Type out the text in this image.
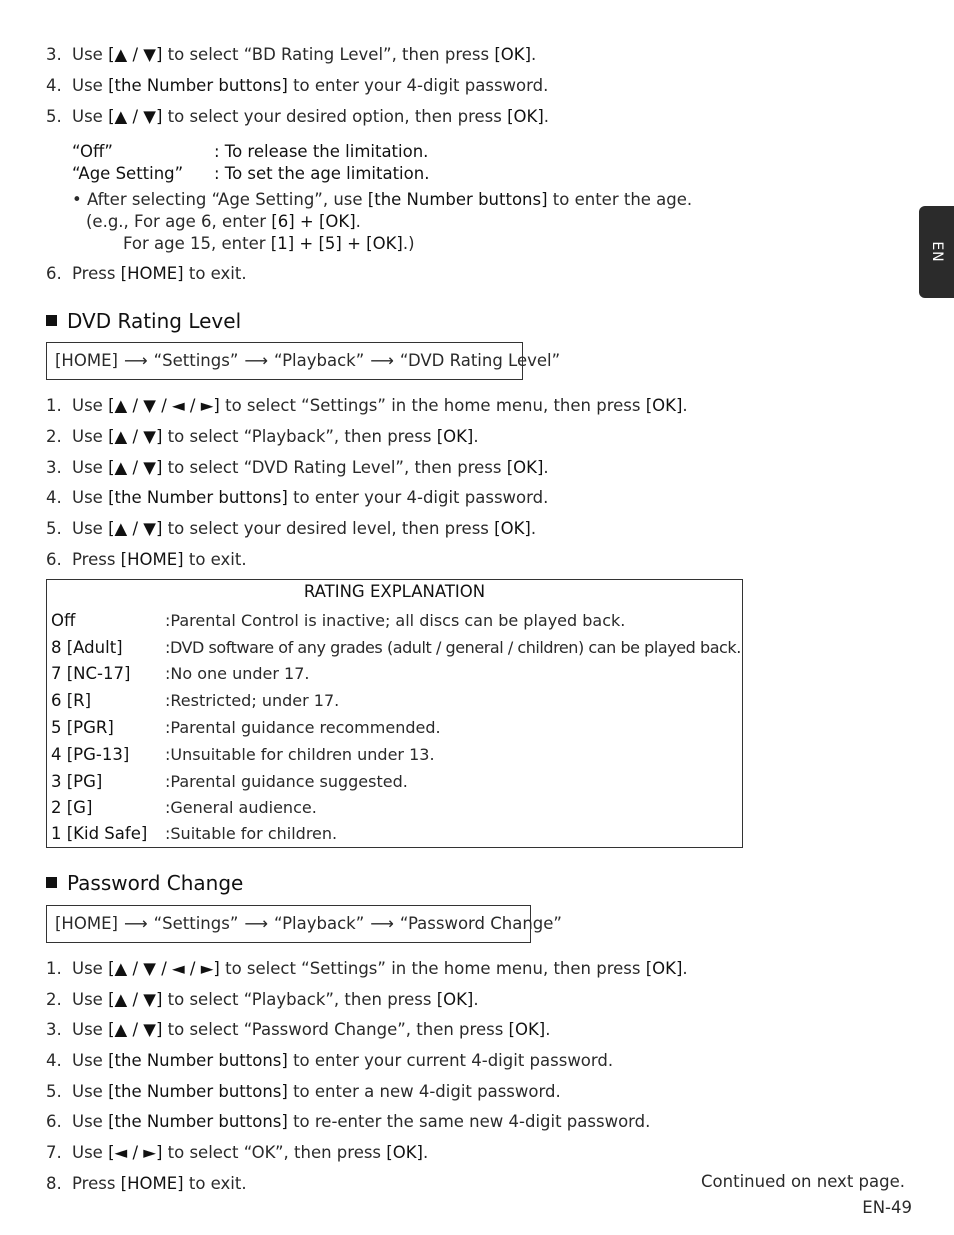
EN
3. Use [▲ / ▼] to select “BD Rating Level”, then press [OK].
4. Use [the Number buttons] to enter your 4-digit password.
5. Use [▲ / ▼] to select your desired option, then press [OK].
“Off”	: To release the limitation.
“Age Setting” : To set the age limitation.
• After selecting “Age Setting”, use [the Number buttons] to enter the age.
(e.g., For age 6, enter [6] + [OK].
For age 15, enter [1] + [5] + [OK].)
6. Press [HOME] to exit.
DVD Rating Level
[HOME] ⟶ “Settings” ⟶ “Playback” ⟶ “DVD Rating Level”
1. Use [▲ / ▼ / ◄ / ►] to select “Settings” in the home menu, then press [OK].
2. Use [▲ / ▼] to select “Playback”, then press [OK].
3. Use [▲ / ▼] to select “DVD Rating Level”, then press [OK].
4. Use [the Number buttons] to enter your 4-digit password.
5. Use [▲ / ▼] to select your desired level, then press [OK].
6. Press [HOME] to exit.
RATING EXPLANATION
Off	:Parental Control is inactive; all discs can be played back.
8 [Adult]	:DVD software of any grades (adult / general / children) can be played back.
7 [NC-17] :No one under 17.
6 [R]	:Restricted; under 17.
5 [PGR]	:Parental guidance recommended.
4 [PG-13] :Unsuitable for children under 13.
3 [PG]	:Parental guidance suggested.
2 [G]	:General audience.
1 [Kid Safe] :Suitable for children.
Password Change
[HOME] ⟶ “Settings” ⟶ “Playback” ⟶ “Password Change”
1. Use [▲ / ▼ / ◄ / ►] to select “Settings” in the home menu, then press [OK].
2. Use [▲ / ▼] to select “Playback”, then press [OK].
3. Use [▲ / ▼] to select “Password Change”, then press [OK].
4. Use [the Number buttons] to enter your current 4-digit password.
5. Use [the Number buttons] to enter a new 4-digit password.
6. Use [the Number buttons] to re-enter the same new 4-digit password.
7. Use [◄ / ►] to select “OK”, then press [OK].
8. Press [HOME] to exit.	Continued on next page.
EN-49
